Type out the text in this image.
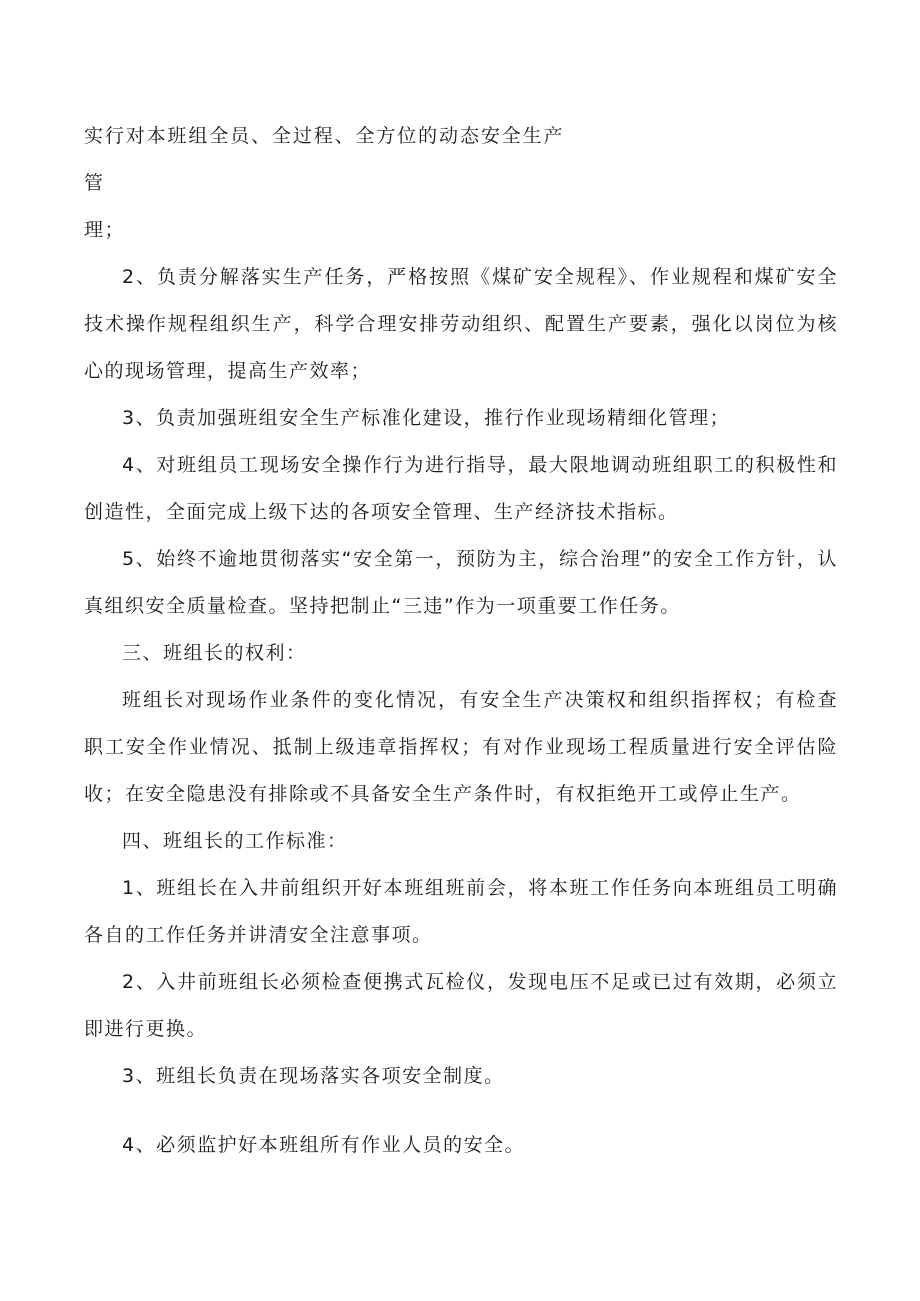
实行对本班组全员、全过程、全方位的动态安全生产管

理；

2、负责分解落实生产任务，严格按照《煤矿安全规程》、作业规程和煤矿安全技术操作规程组织生产，科学合理安排劳动组织、配置生产要素，强化以岗位为核心的现场管理，提高生产效率；

3、负责加强班组安全生产标准化建设，推行作业现场精细化管理；

4、对班组员工现场安全操作行为进行指导，最大限地调动班组职工的积极性和创造性，全面完成上级下达的各项安全管理、生产经济技术指标。

5、始终不逾地贯彻落实“安全第一，预防为主，综合治理”的安全工作方针，认真组织安全质量检查。坚持把制止“三违”作为一项重要工作任务。

三、班组长的权利：

班组长对现场作业条件的变化情况，有安全生产决策权和组织指挥权；有检查职工安全作业情况、抵制上级违章指挥权；有对作业现场工程质量进行安全评估险收；在安全隐患没有排除或不具备安全生产条件时，有权拒绝开工或停止生产。

四、班组长的工作标准：

1、班组长在入井前组织开好本班组班前会，将本班工作任务向本班组员工明确各自的工作任务并讲清安全注意事项。

2、入井前班组长必须检查便携式瓦检仪，发现电压不足或已过有效期，必须立即进行更换。

3、班组长负责在现场落实各项安全制度。

4、必须监护好本班组所有作业人员的安全。
